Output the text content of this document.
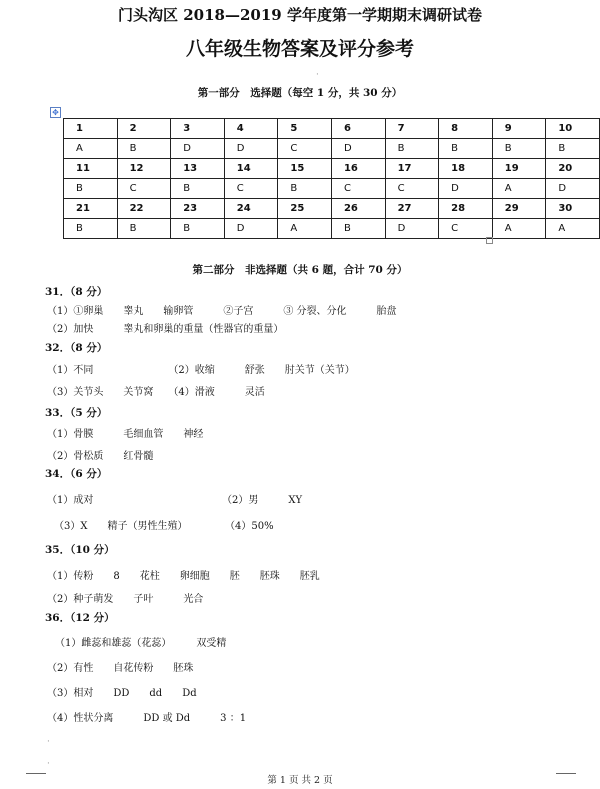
门头沟区 2018—2019 学年度第一学期期末调研试卷
八年级生物答案及评分参考
·
第一部分　选择题（每空 1 分，共 30 分）
✥
1	2	3	4	5	6	7	8	9	10
A	B	D	D	C	D	B	B	B	B
11	12	13	14	15	16	17	18	19	20
B	C	B	C	B	C	C	D	A	D
21	22	23	24	25	26	27	28	29	30
B	B	B	D	A	B	D	C	A	A
第二部分　非选择题（共 6 题，合计 70 分）
31．（8 分）
（1）①卵巢　　睾丸　　输卵管　　　②子宫　　　③ 分裂、分化　　　胎盘
（2）加快　　　睾丸和卵巢的重量（性器官的重量）
32．（8 分）
（1）不同　　　　　　　　（2）收缩　　　舒张　　肘关节（关节）
（3）关节头　　关节窝　　（4）滑液　　　灵活
33．（5 分）
（1）骨膜　　　毛细血管　　神经
（2）骨松质　　红骨髓
34．（6 分）
（1）成对	（2）男　　　XY
（3）X　　精子（男性生殖）	（4）50%
35．（10 分）
（1）传粉　　8　　花柱　　卵细胞　　胚　　胚珠　　胚乳
（2）种子萌发　　子叶　　　光合
36．（12 分）
（1）雌蕊和雄蕊（花蕊）　　　双受精
（2）有性　　自花传粉　　胚珠
（3）相对　　DD　　dd　　Dd
（4）性状分离　　　DD 或 Dd　　　3 ：1
·
·
第 1 页 共 2 页
